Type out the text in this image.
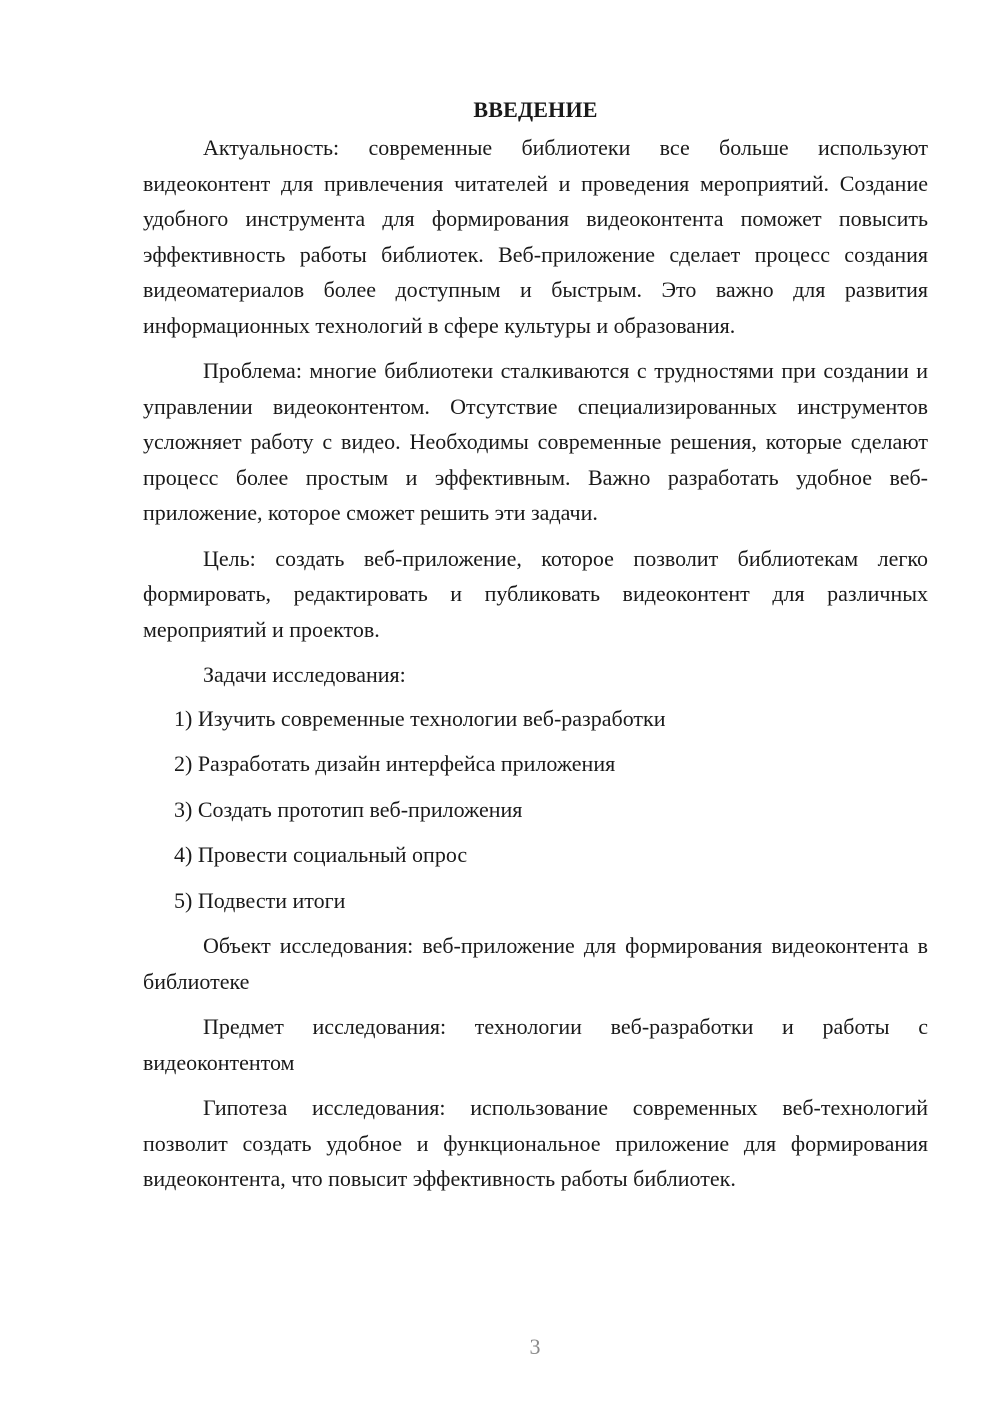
ВВЕДЕНИЕ

Актуальность: современные библиотеки все больше используют видеоконтент для привлечения читателей и проведения мероприятий. Создание удобного инструмента для формирования видеоконтента поможет повысить эффективность работы библиотек. Веб-приложение сделает процесс создания видеоматериалов более доступным и быстрым. Это важно для развития информационных технологий в сфере культуры и образования.

Проблема: многие библиотеки сталкиваются с трудностями при создании и управлении видеоконтентом. Отсутствие специализированных инструментов усложняет работу с видео. Необходимы современные решения, которые сделают процесс более простым и эффективным. Важно разработать удобное веб-приложение, которое сможет решить эти задачи.

Цель: создать веб-приложение, которое позволит библиотекам легко формировать, редактировать и публиковать видеоконтент для различных мероприятий и проектов.

Задачи исследования:

1) Изучить современные технологии веб-разработки
2) Разработать дизайн интерфейса приложения
3) Создать прототип веб-приложения
4) Провести социальный опрос
5) Подвести итоги

Объект исследования: веб-приложение для формирования видеоконтента в библиотеке

Предмет исследования: технологии веб-разработки и работы с видеоконтентом

Гипотеза исследования: использование современных веб-технологий позволит создать удобное и функциональное приложение для формирования видеоконтента, что повысит эффективность работы библиотек.

3
